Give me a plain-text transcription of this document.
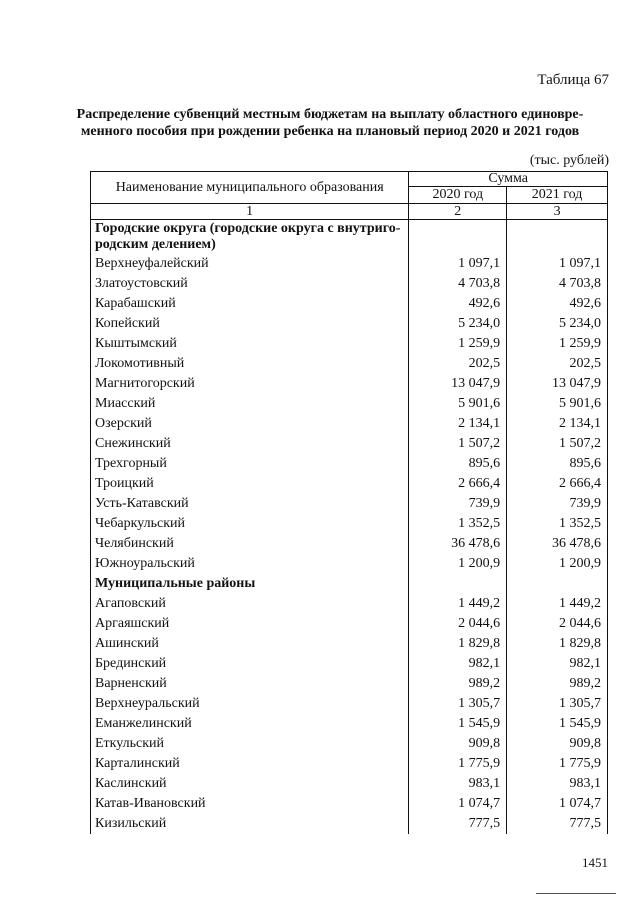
Таблица 67
Распределение субвенций местным бюджетам на выплату областного единовре-менного пособия при рождении ребенка на плановый период 2020 и 2021 годов
(тыс. рублей)
Наименование муниципального образования	Сумма	
	2020 год	2021 год
1	2	3
Городские округа (городские округа с внутриго-родским делением)		
Верхнеуфалейский	1 097,1	1 097,1
Златоустовский	4 703,8	4 703,8
Карабашский	492,6	492,6
Копейский	5 234,0	5 234,0
Кыштымский	1 259,9	1 259,9
Локомотивный	202,5	202,5
Магнитогорский	13 047,9	13 047,9
Миасский	5 901,6	5 901,6
Озерский	2 134,1	2 134,1
Снежинский	1 507,2	1 507,2
Трехгорный	895,6	895,6
Троицкий	2 666,4	2 666,4
Усть-Катавский	739,9	739,9
Чебаркульский	1 352,5	1 352,5
Челябинский	36 478,6	36 478,6
Южноуральский	1 200,9	1 200,9
Муниципальные районы		
Агаповский	1 449,2	1 449,2
Аргаяшский	2 044,6	2 044,6
Ашинский	1 829,8	1 829,8
Брединский	982,1	982,1
Варненский	989,2	989,2
Верхнеуральский	1 305,7	1 305,7
Еманжелинский	1 545,9	1 545,9
Еткульский	909,8	909,8
Карталинский	1 775,9	1 775,9
Каслинский	983,1	983,1
Катав-Ивановский	1 074,7	1 074,7
Кизильский	777,5	777,5
1451
